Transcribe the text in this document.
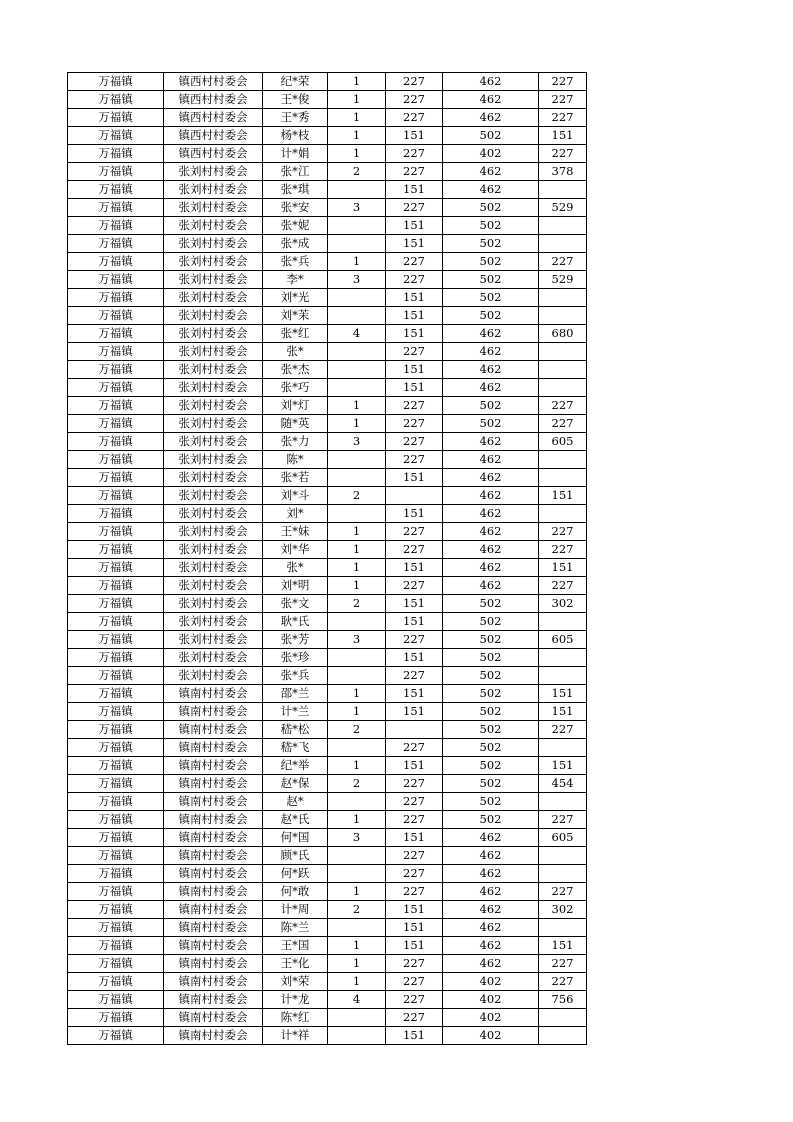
万福镇	镇西村村委会	纪*荣	1	227	462	227
万福镇	镇西村村委会	王*俊	1	227	462	227
万福镇	镇西村村委会	王*秀	1	227	462	227
万福镇	镇西村村委会	杨*枝	1	151	502	151
万福镇	镇西村村委会	计*娟	1	227	402	227
万福镇	张刘村村委会	张*江	2	227	462	378
万福镇	张刘村村委会	张*琪		151	462	
万福镇	张刘村村委会	张*安	3	227	502	529
万福镇	张刘村村委会	张*妮		151	502	
万福镇	张刘村村委会	张*成		151	502	
万福镇	张刘村村委会	张*兵	1	227	502	227
万福镇	张刘村村委会	李*	3	227	502	529
万福镇	张刘村村委会	刘*光		151	502	
万福镇	张刘村村委会	刘*茉		151	502	
万福镇	张刘村村委会	张*红	4	151	462	680
万福镇	张刘村村委会	张*		227	462	
万福镇	张刘村村委会	张*杰		151	462	
万福镇	张刘村村委会	张*巧		151	462	
万福镇	张刘村村委会	刘*灯	1	227	502	227
万福镇	张刘村村委会	随*英	1	227	502	227
万福镇	张刘村村委会	张*力	3	227	462	605
万福镇	张刘村村委会	陈*		227	462	
万福镇	张刘村村委会	张*若		151	462	
万福镇	张刘村村委会	刘*斗	2		462	151
万福镇	张刘村村委会	刘*		151	462	
万福镇	张刘村村委会	王*妹	1	227	462	227
万福镇	张刘村村委会	刘*华	1	227	462	227
万福镇	张刘村村委会	张*	1	151	462	151
万福镇	张刘村村委会	刘*明	1	227	462	227
万福镇	张刘村村委会	张*文	2	151	502	302
万福镇	张刘村村委会	耿*氏		151	502	
万福镇	张刘村村委会	张*芳	3	227	502	605
万福镇	张刘村村委会	张*珍		151	502	
万福镇	张刘村村委会	张*兵		227	502	
万福镇	镇南村村委会	邵*兰	1	151	502	151
万福镇	镇南村村委会	计*兰	1	151	502	151
万福镇	镇南村村委会	嵇*松	2		502	227
万福镇	镇南村村委会	嵇*飞		227	502	
万福镇	镇南村村委会	纪*举	1	151	502	151
万福镇	镇南村村委会	赵*保	2	227	502	454
万福镇	镇南村村委会	赵*		227	502	
万福镇	镇南村村委会	赵*氏	1	227	502	227
万福镇	镇南村村委会	何*国	3	151	462	605
万福镇	镇南村村委会	顾*氏		227	462	
万福镇	镇南村村委会	何*跃		227	462	
万福镇	镇南村村委会	何*敢	1	227	462	227
万福镇	镇南村村委会	计*周	2	151	462	302
万福镇	镇南村村委会	陈*兰		151	462	
万福镇	镇南村村委会	王*国	1	151	462	151
万福镇	镇南村村委会	王*化	1	227	462	227
万福镇	镇南村村委会	刘*荣	1	227	402	227
万福镇	镇南村村委会	计*龙	4	227	402	756
万福镇	镇南村村委会	陈*红		227	402	
万福镇	镇南村村委会	计*祥		151	402	
